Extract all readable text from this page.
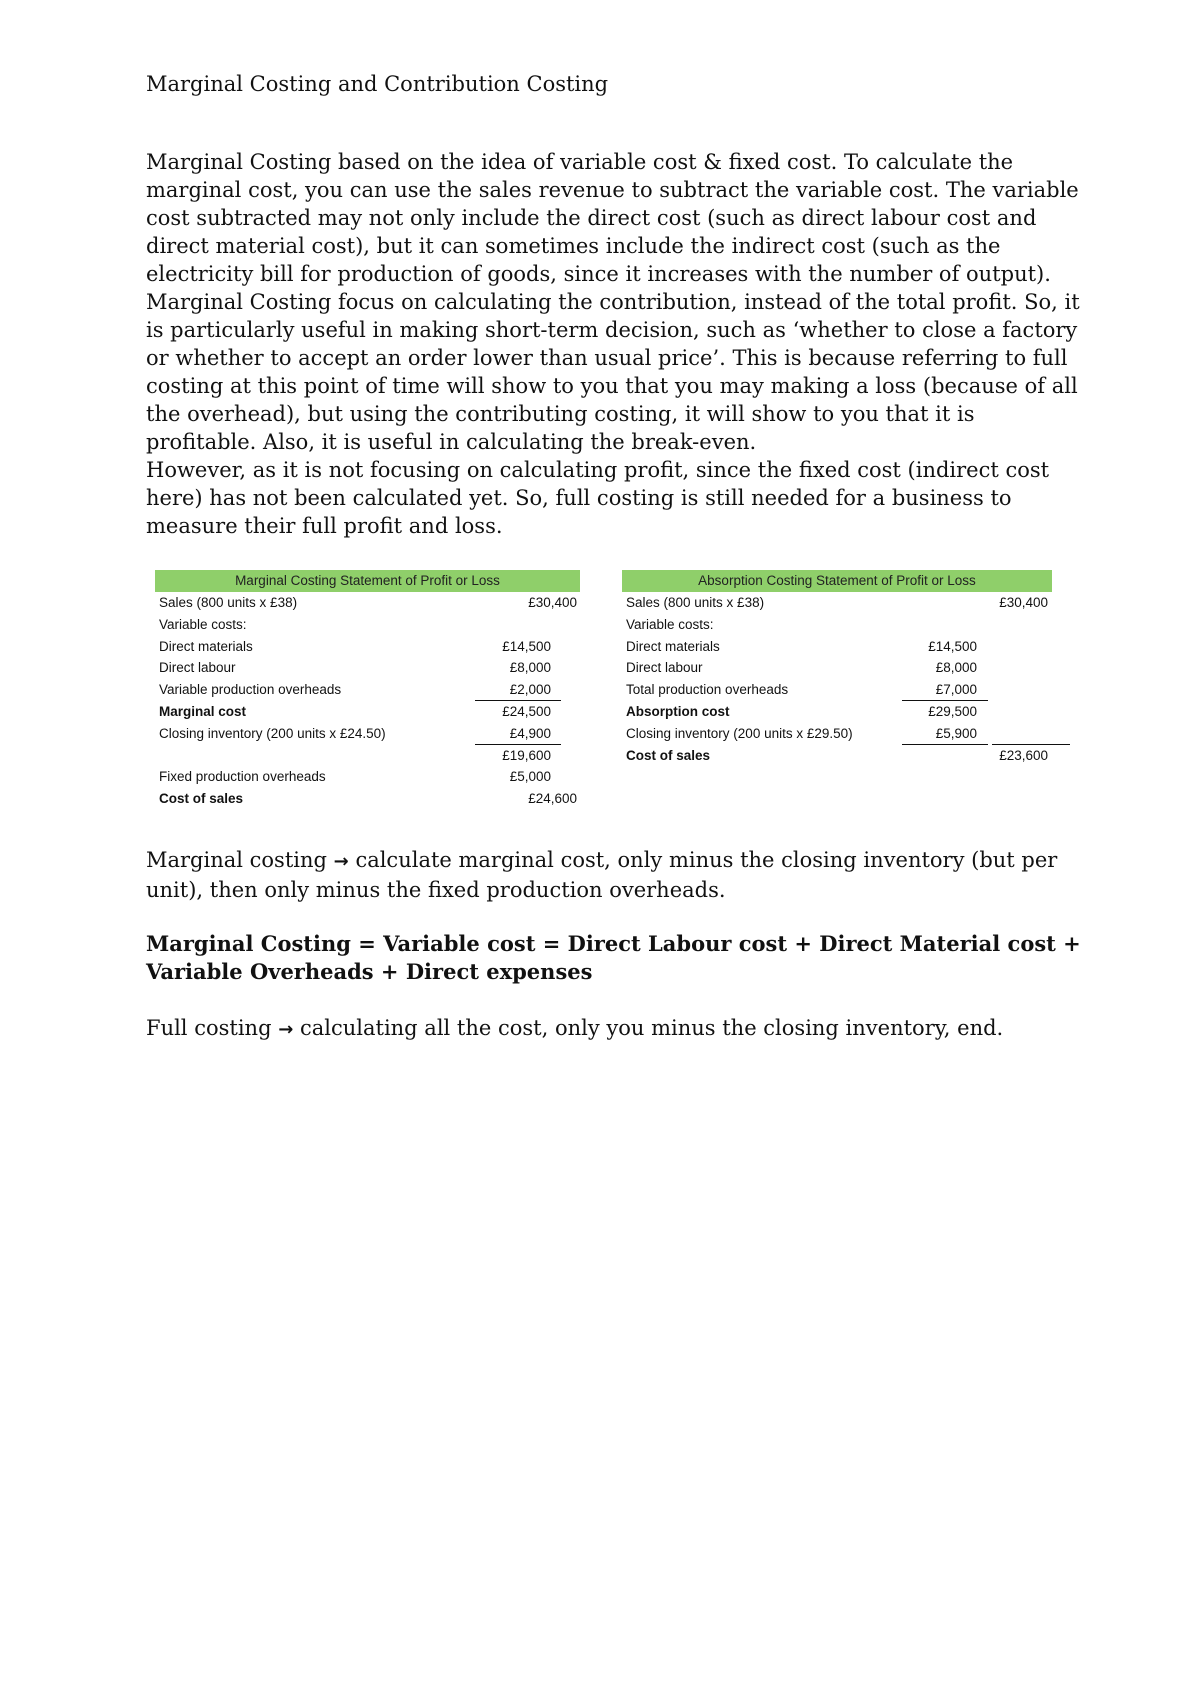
Marginal Costing and Contribution Costing

Marginal Costing based on the idea of variable cost & fixed cost. To calculate the marginal cost, you can use the sales revenue to subtract the variable cost. The variable cost subtracted may not only include the direct cost (such as direct labour cost and direct material cost), but it can sometimes include the indirect cost (such as the electricity bill for production of goods, since it increases with the number of output). Marginal Costing focus on calculating the contribution, instead of the total profit. So, it is particularly useful in making short-term decision, such as ‘whether to close a factory or whether to accept an order lower than usual price’. This is because referring to full costing at this point of time will show to you that you may making a loss (because of all the overhead), but using the contributing costing, it will show to you that it is profitable. Also, it is useful in calculating the break-even.

However, as it is not focusing on calculating profit, since the fixed cost (indirect cost here) has not been calculated yet. So, full costing is still needed for a business to measure their full profit and loss.

Marginal Costing Statement of Profit or Loss
Sales (800 units x £38)	£30,400
Variable costs:
Direct materials	£14,500
Direct labour	£8,000
Variable production overheads	£2,000
Marginal cost	£24,500
Closing inventory (200 units x £24.50)	£4,900
£19,600
Fixed production overheads	£5,000
Cost of sales	£24,600
Absorption Costing Statement of Profit or Loss
Sales (800 units x £38)	£30,400
Variable costs:
Direct materials	£14,500
Direct labour	£8,000
Total production overheads	£7,000
Absorption cost	£29,500
Closing inventory (200 units x £29.50)	£5,900
Cost of sales	£23,600

Marginal costing → calculate marginal cost, only minus the closing inventory (but per unit), then only minus the fixed production overheads.

Marginal Costing = Variable cost = Direct Labour cost + Direct Material cost + Variable Overheads + Direct expenses

Full costing → calculating all the cost, only you minus the closing inventory, end.
